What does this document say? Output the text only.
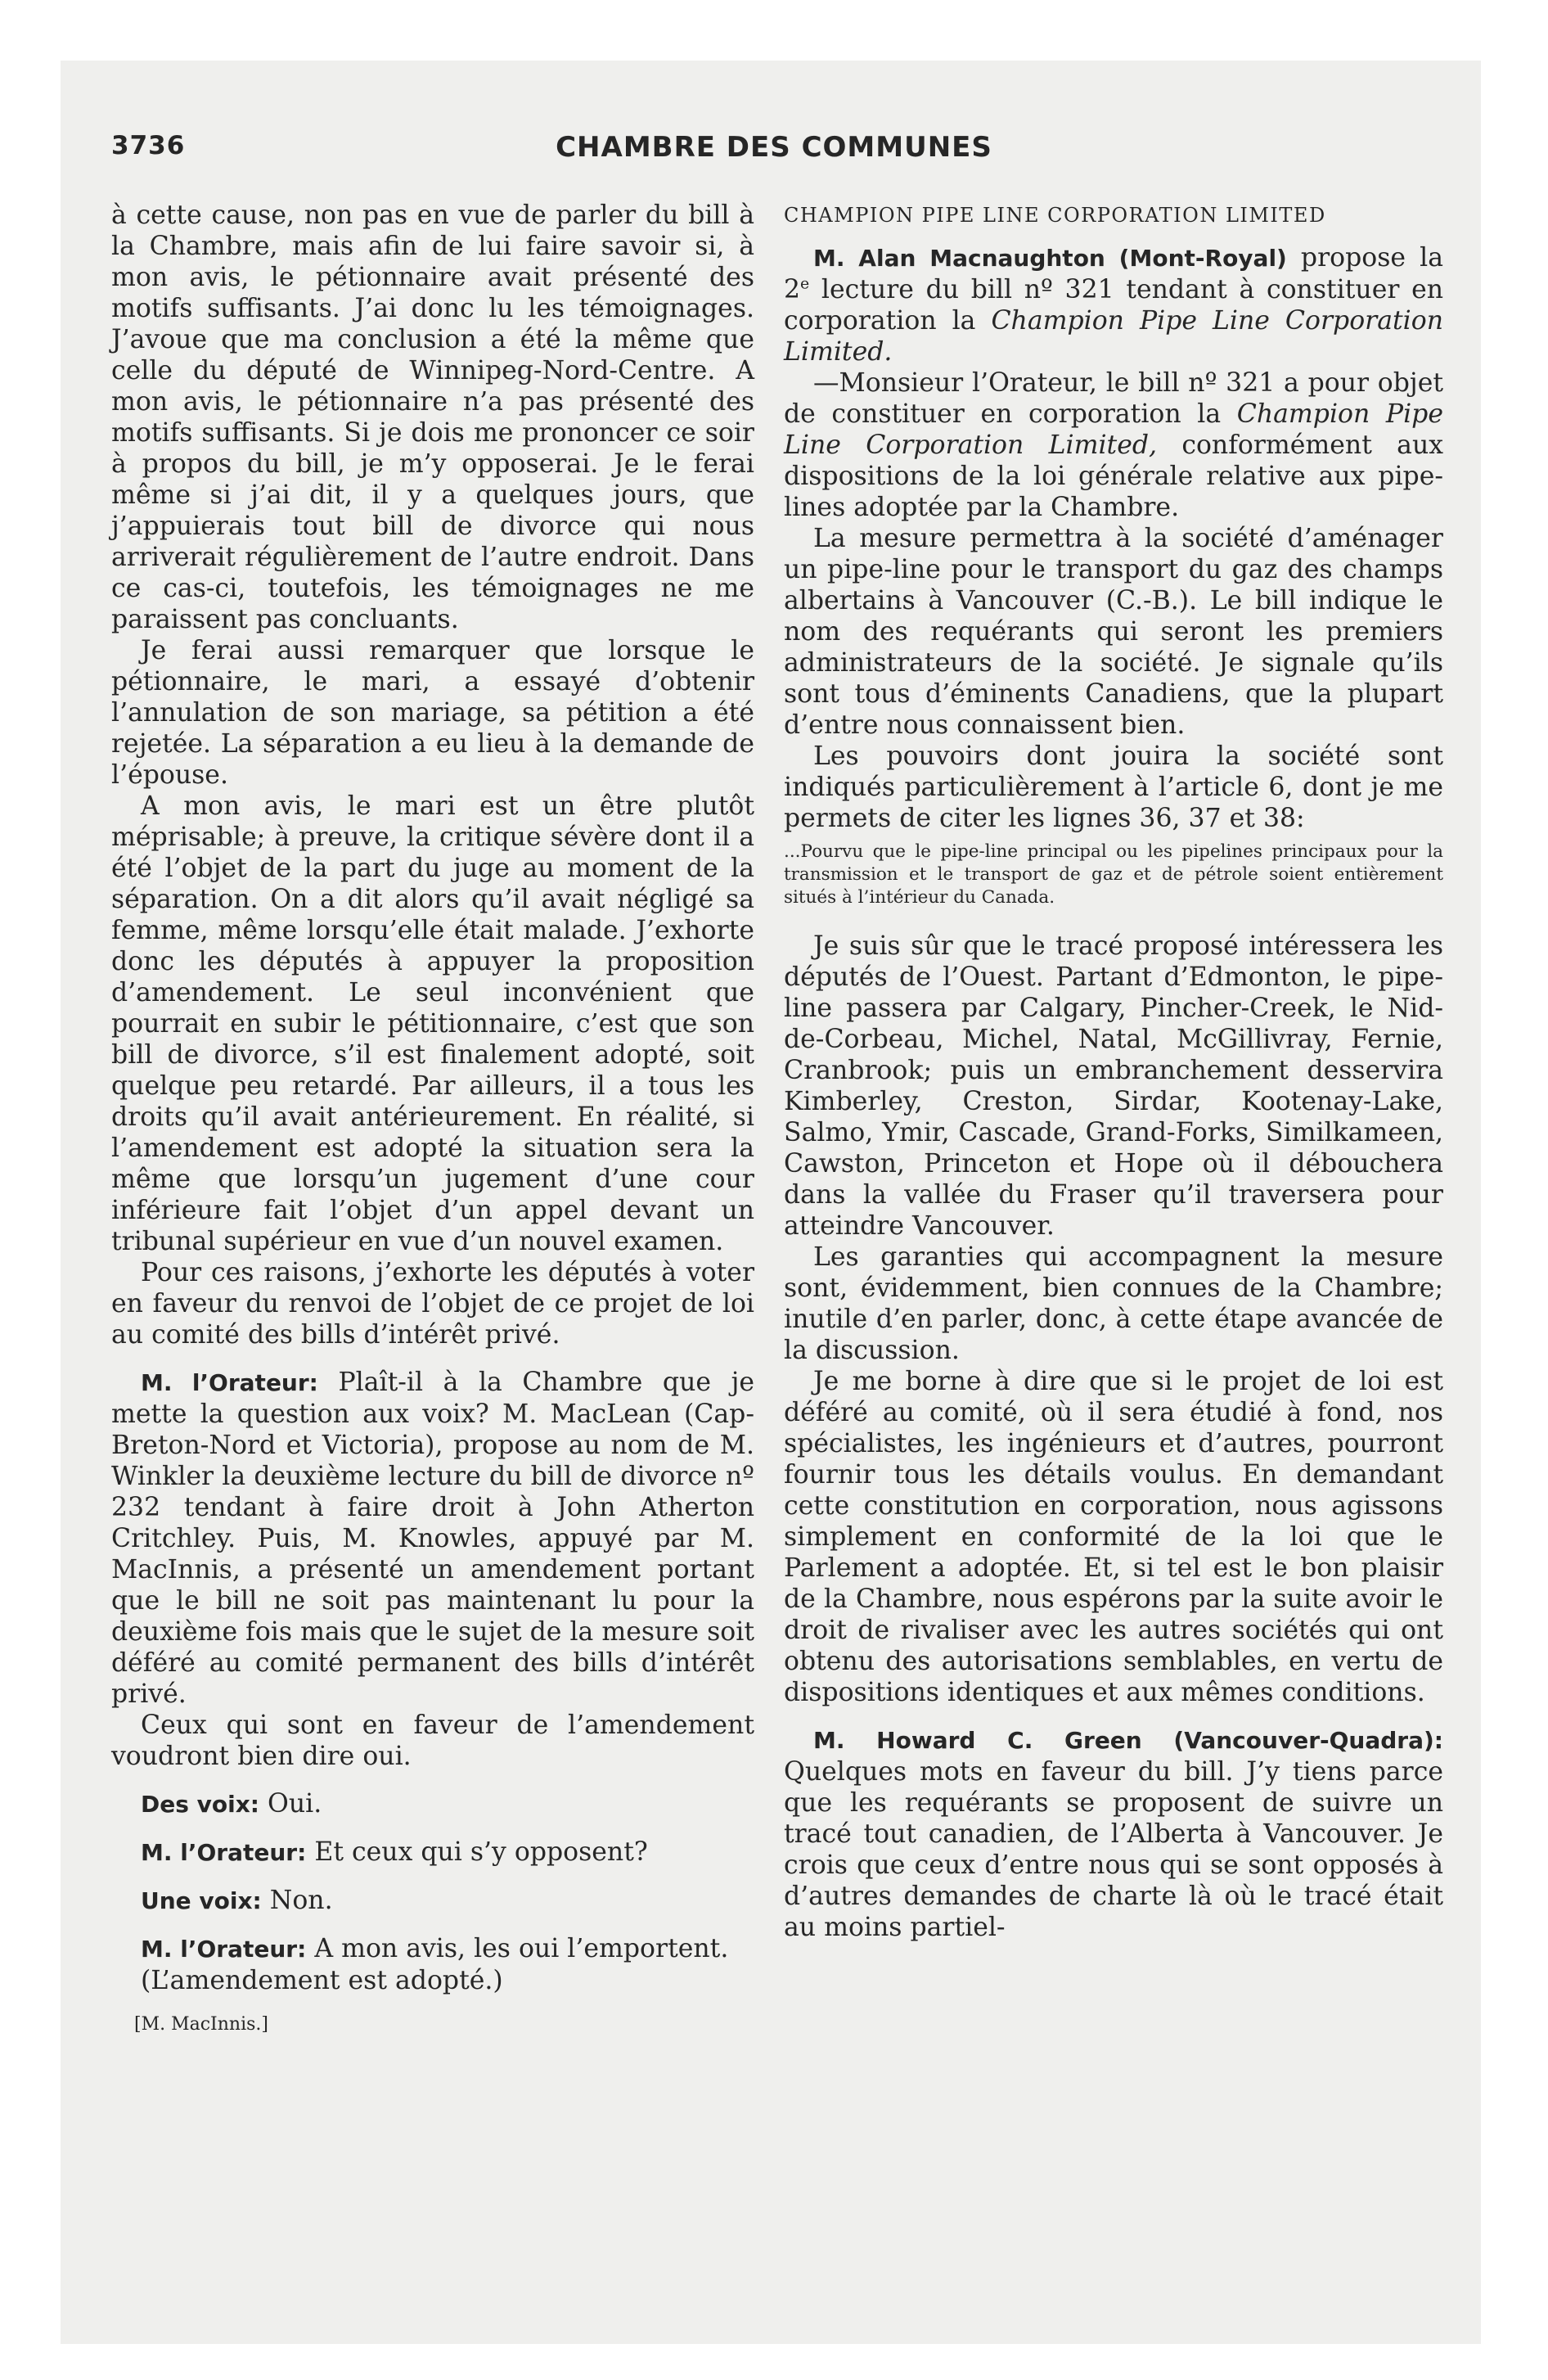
3736	CHAMBRE DES COMMUNES

à cette cause, non pas en vue de parler du bill à la Chambre, mais afin de lui faire savoir si, à mon avis, le pétionnaire avait présenté des motifs suffisants. J’ai donc lu les témoignages. J’avoue que ma conclusion a été la même que celle du député de Winnipeg-Nord-Centre. A mon avis, le pétionnaire n’a pas présenté des motifs suffisants. Si je dois me prononcer ce soir à propos du bill, je m’y opposerai. Je le ferai même si j’ai dit, il y a quelques jours, que j’appuierais tout bill de divorce qui nous arriverait régulièrement de l’autre endroit. Dans ce cas-ci, toutefois, les témoignages ne me paraissent pas concluants.

Je ferai aussi remarquer que lorsque le pétionnaire, le mari, a essayé d’obtenir l’annulation de son mariage, sa pétition a été rejetée. La séparation a eu lieu à la demande de l’épouse.

A mon avis, le mari est un être plutôt méprisable; à preuve, la critique sévère dont il a été l’objet de la part du juge au moment de la séparation. On a dit alors qu’il avait négligé sa femme, même lorsqu’elle était malade. J’exhorte donc les députés à appuyer la proposition d’amendement. Le seul inconvénient que pourrait en subir le pétitionnaire, c’est que son bill de divorce, s’il est finalement adopté, soit quelque peu retardé. Par ailleurs, il a tous les droits qu’il avait antérieurement. En réalité, si l’amendement est adopté la situation sera la même que lorsqu’un jugement d’une cour inférieure fait l’objet d’un appel devant un tribunal supérieur en vue d’un nouvel examen.

Pour ces raisons, j’exhorte les députés à voter en faveur du renvoi de l’objet de ce projet de loi au comité des bills d’intérêt privé.

M. l’Orateur: Plaît-il à la Chambre que je mette la question aux voix? M. MacLean (Cap-Breton-Nord et Victoria), propose au nom de M. Winkler la deuxième lecture du bill de divorce nº 232 tendant à faire droit à John Atherton Critchley. Puis, M. Knowles, appuyé par M. MacInnis, a présenté un amendement portant que le bill ne soit pas maintenant lu pour la deuxième fois mais que le sujet de la mesure soit déféré au comité permanent des bills d’intérêt privé.

Ceux qui sont en faveur de l’amendement voudront bien dire oui.

Des voix: Oui.

M. l’Orateur: Et ceux qui s’y opposent?

Une voix: Non.

M. l’Orateur: A mon avis, les oui l’emportent.

(L’amendement est adopté.)

[M. MacInnis.]
CHAMPION PIPE LINE CORPORATION LIMITED

M. Alan Macnaughton (Mont-Royal) propose la 2e lecture du bill nº 321 tendant à constituer en corporation la Champion Pipe Line Corporation Limited.

—Monsieur l’Orateur, le bill nº 321 a pour objet de constituer en corporation la Champion Pipe Line Corporation Limited, conformément aux dispositions de la loi générale relative aux pipe-lines adoptée par la Chambre.

La mesure permettra à la société d’aménager un pipe-line pour le transport du gaz des champs albertains à Vancouver (C.-B.). Le bill indique le nom des requérants qui seront les premiers administrateurs de la société. Je signale qu’ils sont tous d’éminents Canadiens, que la plupart d’entre nous connaissent bien.

Les pouvoirs dont jouira la société sont indiqués particulièrement à l’article 6, dont je me permets de citer les lignes 36, 37 et 38:

...Pourvu que le pipe-line principal ou les pipelines principaux pour la transmission et le transport de gaz et de pétrole soient entièrement situés à l’intérieur du Canada.

Je suis sûr que le tracé proposé intéressera les députés de l’Ouest. Partant d’Edmonton, le pipe-line passera par Calgary, Pincher-Creek, le Nid-de-Corbeau, Michel, Natal, McGillivray, Fernie, Cranbrook; puis un embranchement desservira Kimberley, Creston, Sirdar, Kootenay-Lake, Salmo, Ymir, Cascade, Grand-Forks, Similkameen, Cawston, Princeton et Hope où il débouchera dans la vallée du Fraser qu’il traversera pour atteindre Vancouver.

Les garanties qui accompagnent la mesure sont, évidemment, bien connues de la Chambre; inutile d’en parler, donc, à cette étape avancée de la discussion.

Je me borne à dire que si le projet de loi est déféré au comité, où il sera étudié à fond, nos spécialistes, les ingénieurs et d’autres, pourront fournir tous les détails voulus. En demandant cette constitution en corporation, nous agissons simplement en conformité de la loi que le Parlement a adoptée. Et, si tel est le bon plaisir de la Chambre, nous espérons par la suite avoir le droit de rivaliser avec les autres sociétés qui ont obtenu des autorisations semblables, en vertu de dispositions identiques et aux mêmes conditions.

M. Howard C. Green (Vancouver-Quadra): Quelques mots en faveur du bill. J’y tiens parce que les requérants se proposent de suivre un tracé tout canadien, de l’Alberta à Vancouver. Je crois que ceux d’entre nous qui se sont opposés à d’autres demandes de charte là où le tracé était au moins partiel-
